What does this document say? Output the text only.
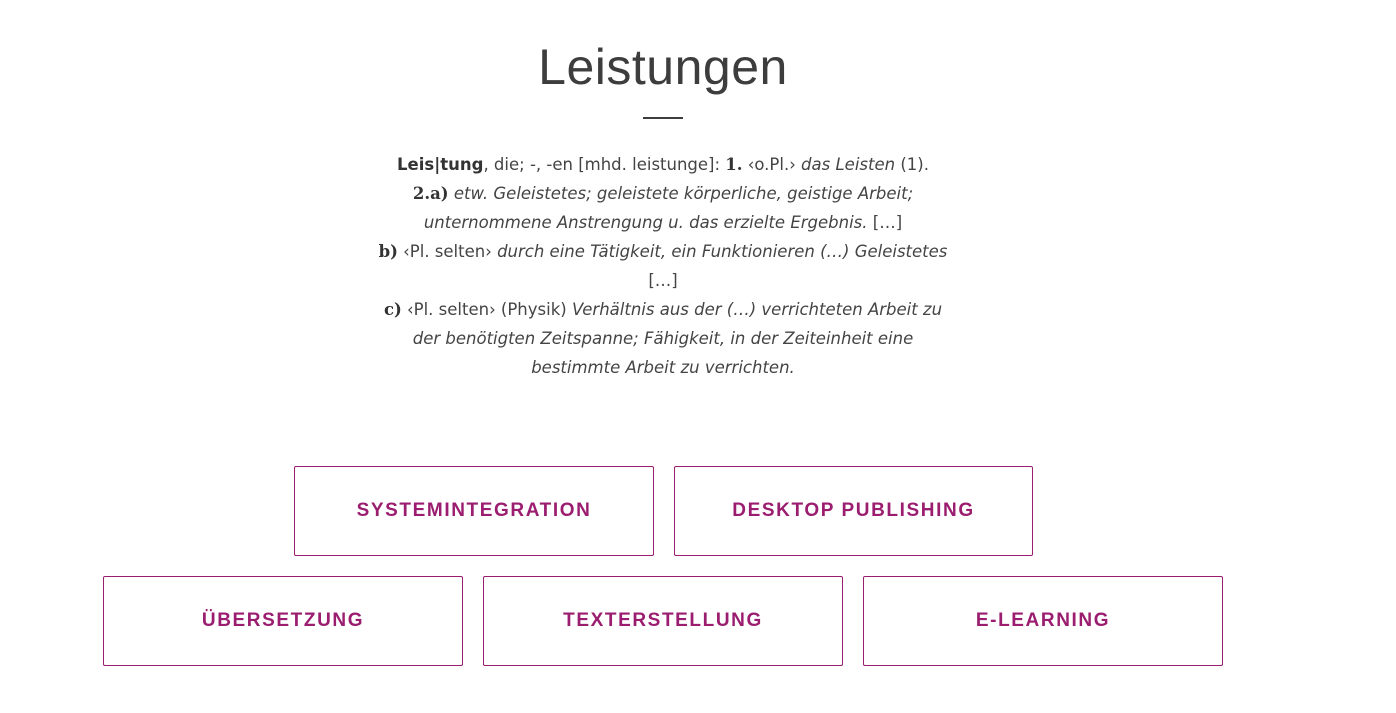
Leistungen
Leis|tung, die; -, -en [mhd. leistunge]: 1. ‹o.Pl.› das Leisten (1).
2.a) etw. Geleistetes; geleistete körperliche, geistige Arbeit;
unternommene Anstrengung u. das erzielte Ergebnis. […]
b) ‹Pl. selten› durch eine Tätigkeit, ein Funktionieren (…) Geleistetes
[…]
c) ‹Pl. selten› (Physik) Verhältnis aus der (…) verrichteten Arbeit zu
der benötigten Zeitspanne; Fähigkeit, in der Zeiteinheit eine
bestimmte Arbeit zu verrichten.
SYSTEMINTEGRATION	DESKTOP PUBLISHING
ÜBERSETZUNG	TEXTERSTELLUNG	E-LEARNING
